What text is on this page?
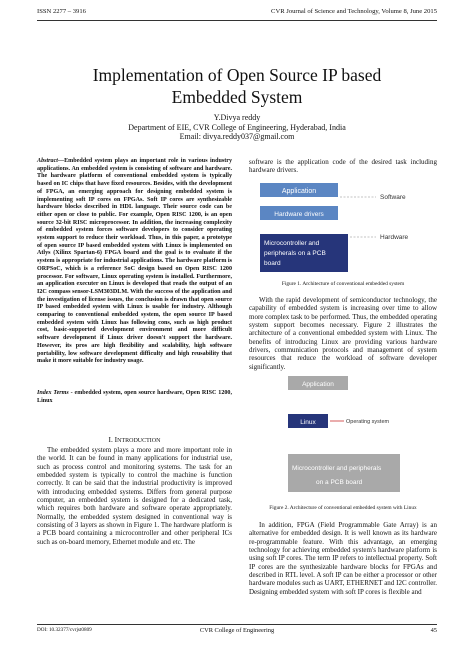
ISSN 2277 – 3916	CVR Journal of Science and Technology, Volume 8, June 2015
Implementation of Open Source IP based
Embedded System
Y.Divya reddy
Department of EIE, CVR College of Engineering, Hyderabad, India
Email: divya.reddy037@gmail.com
Abstract—Embedded system plays an important role in various industry applications. An embedded system is consisting of software and hardware. The hardware platform of conventional embedded system is typically based on IC chips that have fixed resources. Besides, with the development of FPGA, an emerging approach for designing embedded system is implementing soft IP cores on FPGAs. Soft IP cores are synthesizable hardware blocks described in HDL language. Their source code can be either open or close to public. For example, Open RISC 1200, is an open source 32-bit RISC microprocessor. In addition, the increasing complexity of embedded system forces software developers to consider operating system support to reduce their workload. Thus, in this paper, a prototype of open source IP based embedded system with Linux is implemented on Atlys (Xilinx Spartan-6) FPGA board and the goal is to evaluate if the system is appropriate for industrial applications. The hardware platform is ORPSoC, which is a reference SoC design based on Open RISC 1200 processor. For software, Linux operating system is installed. Furthermore, an application executer on Linux is developed that reads the output of an I2C compass sensor-LSM303DLM. With the success of the application and the investigation of license issues, the conclusion is drawn that open source IP based embedded system with Linux is usable for industry. Although comparing to conventional embedded system, the open source IP based embedded system with Linux has following cons, such as high product cost, basic-supported development environment and more difficult software development if Linux driver doesn't support the hardware. However, its pros are high flexibility and scalability, high software portability, low software development difficulty and high reusability that make it more suitable for industry usage.
Index Terms - embedded system, open source hardware, Open RISC 1200, Linux
I. INTRODUCTION
The embedded system plays a more and more important role in the world. It can be found in many applications for industrial use, such as process control and monitoring systems. The task for an embedded system is typically to control the machine is function correctly. It can be said that the industrial productivity is improved with introducing embedded systems. Differs from general purpose computer, an embedded system is designed for a dedicated task, which requires both hardware and software operate appropriately. Normally, the embedded system designed in conventional way is consisting of 3 layers as shown in Figure 1. The hardware platform is a PCB board containing a microcontroller and other peripheral ICs such as on-board memory, Ethernet module and etc. The
software is the application code of the desired task including hardware drivers.
Application
Hardware drivers
Microcontroller and
peripherals on a PCB
board
Software
Hardware
Figure 1. Architecture of conventional embedded system
With the rapid development of semiconductor technology, the capability of embedded system is increasing over time to allow more complex task to be performed. Thus, the embedded operating system support becomes necessary. Figure 2 illustrates the architecture of a conventional embedded system with Linux. The benefits of introducing Linux are providing various hardware drivers, communication protocols and management of system resources that reduce the workload of software developer significantly.
Application
Linux	Operating system
Microcontroller and peripherals
on a PCB board
Figure 2. Architecture of conventional embedded system with Linux
In addition, FPGA (Field Programmable Gate Array) is an alternative for embedded design. It is well known as its hardware re-programmable feature. With this advantage, an emerging technology for achieving embedded system's hardware platform is using soft IP cores. The term IP refers to intellectual property. Soft IP cores are the synthesizable hardware blocks for FPGAs and described in RTL level. A soft IP can be either a processor or other hardware modules such as UART, ETHERNET and I2C controller. Designing embedded system with soft IP cores is flexible and
DOI: 10.32377/cvrjst0809	CVR College of Engineering	45
